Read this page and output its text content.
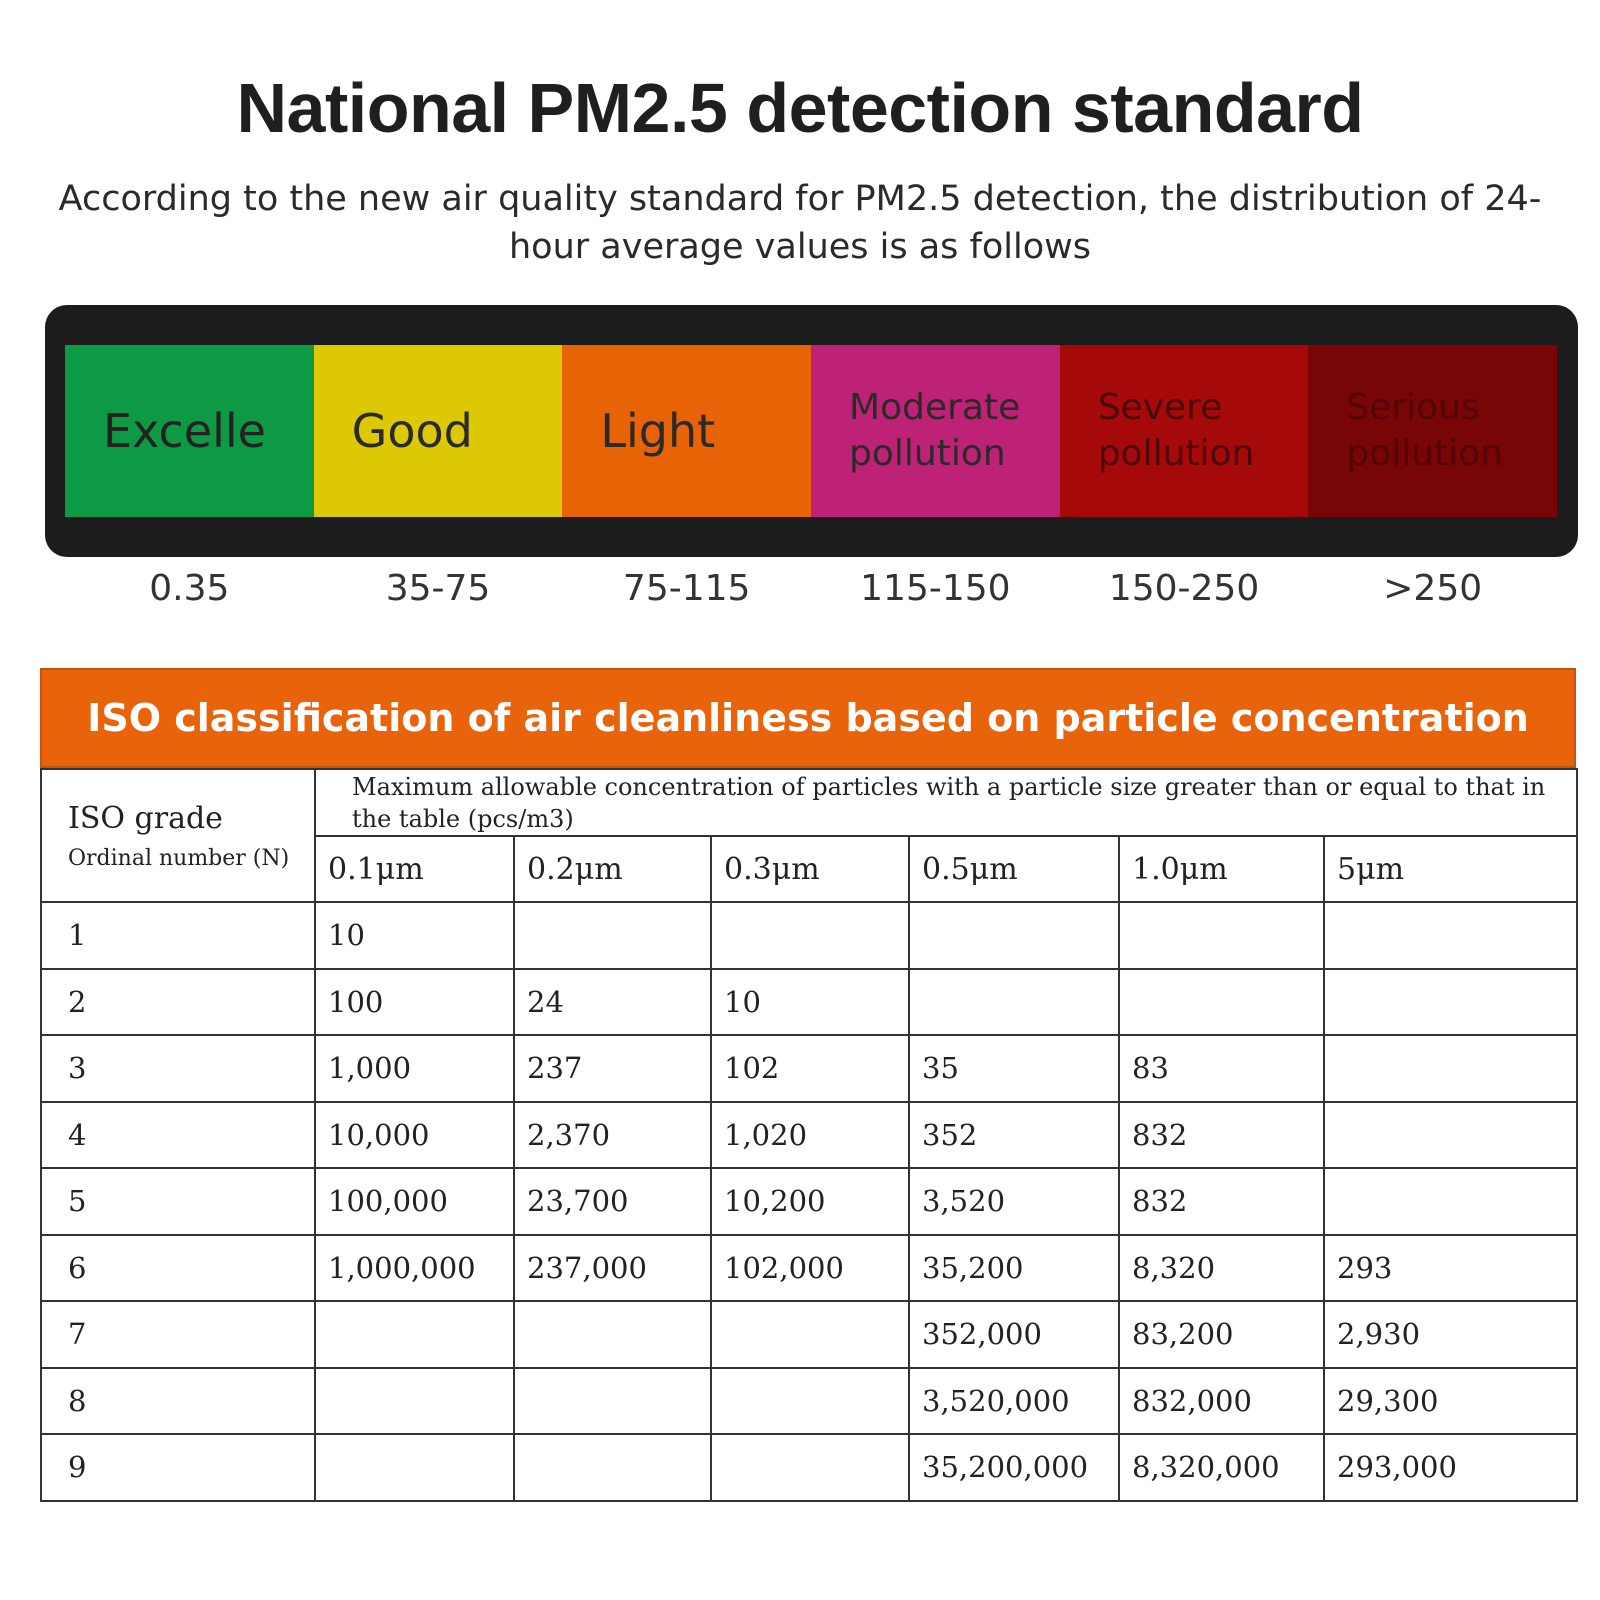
National PM2.5 detection standard
According to the new air quality standard for PM2.5 detection, the distribution of 24-hour average values is as follows
Excelle Good	Light	Moderate pollution
Severe pollution
Serious pollution
0.35	35-75	75-115	115-150	150-250	>250
ISO classification of air cleanliness based on particle concentration
ISO grade
Ordinal number (N)	Maximum allowable concentration of particles with a particle size greater than or equal to that in the table (pcs/m3)					
	0.1μm	0.2μm	0.3μm	0.5μm	1.0μm	5μm
1	10					
2	100	24	10			
3	1,000	237	102	35	83	
4	10,000	2,370	1,020	352	832	
5	100,000	23,700	10,200	3,520	832	
6	1,000,000	237,000	102,000	35,200	8,320	293
7				352,000	83,200	2,930
8				3,520,000	832,000	29,300
9				35,200,000	8,320,000	293,000
